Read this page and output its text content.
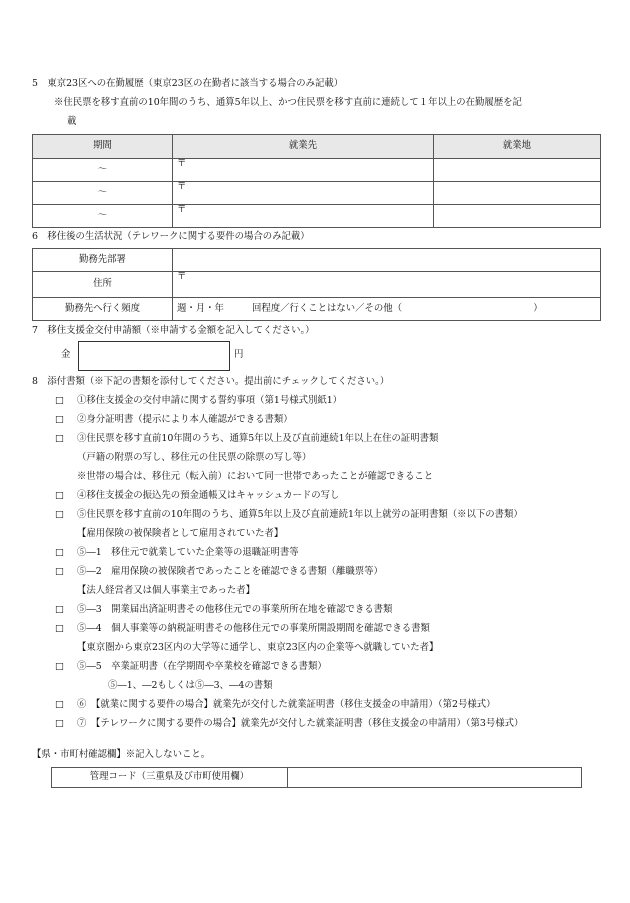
5　東京23区への在勤履歴（東京23区の在勤者に該当する場合のみ記載）
※住民票を移す直前の10年間のうち、通算5年以上、かつ住民票を移す直前に連続して１年以上の在勤履歴を記
載
期間	就業先	就業地
～	〒	
～	〒	
～	〒	
6　移住後の生活状況（テレワークに関する要件の場合のみ記載）
勤務先部署	
住所	〒
勤務先へ行く頻度	週・月・年　　　回程度／行くことはない／その他（　　　　　　　　　　　　　　）
7　移住支援金交付申請額（※申請する金額を記入してください。）
金	円
8　添付書類（※下記の書類を添付してください。提出前にチェックしてください。）
□ ①移住支援金の交付申請に関する誓約事項（第1号様式別紙1）
□ ②身分証明書（提示により本人確認ができる書類）
□ ③住民票を移す直前10年間のうち、通算5年以上及び直前連続1年以上在住の証明書類
（戸籍の附票の写し、移住元の住民票の除票の写し等）
※世帯の場合は、移住元（転入前）において同一世帯であったことが確認できること
□ ④移住支援金の振込先の預金通帳又はキャッシュカードの写し
□ ⑤住民票を移す直前の10年間のうち、通算5年以上及び直前連続1年以上就労の証明書類（※以下の書類）
【雇用保険の被保険者として雇用されていた者】
□ ⑤―1　移住元で就業していた企業等の退職証明書等
□ ⑤―2　雇用保険の被保険者であったことを確認できる書類（離職票等）
【法人経営者又は個人事業主であった者】
□ ⑤―3　開業届出済証明書その他移住元での事業所所在地を確認できる書類
□ ⑤―4　個人事業等の納税証明書その他移住元での事業所開設期間を確認できる書類
【東京圏から東京23区内の大学等に通学し、東京23区内の企業等へ就職していた者】
□ ⑤―5　卒業証明書（在学期間や卒業校を確認できる書類）
⑤―1、―2もしくは⑤―3、―4の書類
□ ⑥　【就業に関する要件の場合】就業先が交付した就業証明書（移住支援金の申請用）（第2号様式）
□ ⑦　【テレワークに関する要件の場合】就業先が交付した就業証明書（移住支援金の申請用）（第3号様式）
【県・市町村確認欄】※記入しないこと。
管理コード（三重県及び市町使用欄）	
